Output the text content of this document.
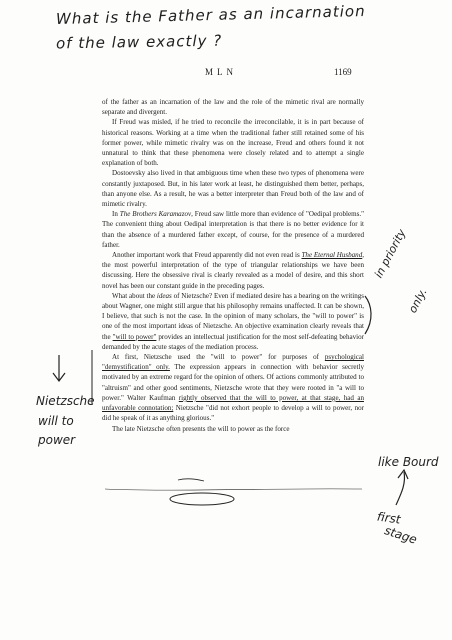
What is the Father as an incarnation
of the law exactly ?
MLN	1169

of the father as an incarnation of the law and the role of the mimetic rival are normally separate and divergent.

If Freud was misled, if he tried to reconcile the irreconcilable, it is in part because of historical reasons. Working at a time when the traditional father still retained some of his former power, while mimetic rivalry was on the increase, Freud and others found it not unnatural to think that these phenomena were closely related and to attempt a single explanation of both.

Dostoevsky also lived in that ambiguous time when these two types of phenomena were constantly juxtaposed. But, in his later work at least, he distinguished them better, perhaps, than anyone else. As a result, he was a better interpreter than Freud both of the law and of mimetic rivalry.

In The Brothers Karamazov, Freud saw little more than evidence of "Oedipal problems." The convenient thing about Oedipal interpretation is that there is no better evidence for it than the absence of a murdered father except, of course, for the presence of a murdered father.

Another important work that Freud apparently did not even read is The Eternal Husband, the most powerful interpretation of the type of triangular relationships we have been discussing. Here the obsessive rival is clearly revealed as a model of desire, and this short novel has been our constant guide in the preceding pages.

What about the ideas of Nietzsche? Even if mediated desire has a bearing on the writings about Wagner, one might still argue that his philosophy remains unaffected. It can be shown, I believe, that such is not the case. In the opinion of many scholars, the "will to power" is one of the most important ideas of Nietzsche. An objective examination clearly reveals that the "will to power" provides an intellectual justification for the most self-defeating behavior demanded by the acute stages of the mediation process.

At first, Nietzsche used the "will to power" for purposes of psychological "demystification" only. The expression appears in connection with behavior secretly motivated by an extreme regard for the opinion of others. Of actions commonly attributed to "altruism" and other good sentiments, Nietzsche wrote that they were rooted in "a will to power." Walter Kaufman rightly observed that the will to power, at that stage, had an unfavorable connotation; Nietzsche "did not exhort people to develop a will to power, nor did he speak of it as anything glorious."

The late Nietzsche often presents the will to power as the force

in priority
only.
Nietzsche
will to
power
like Bourd
first
stage
